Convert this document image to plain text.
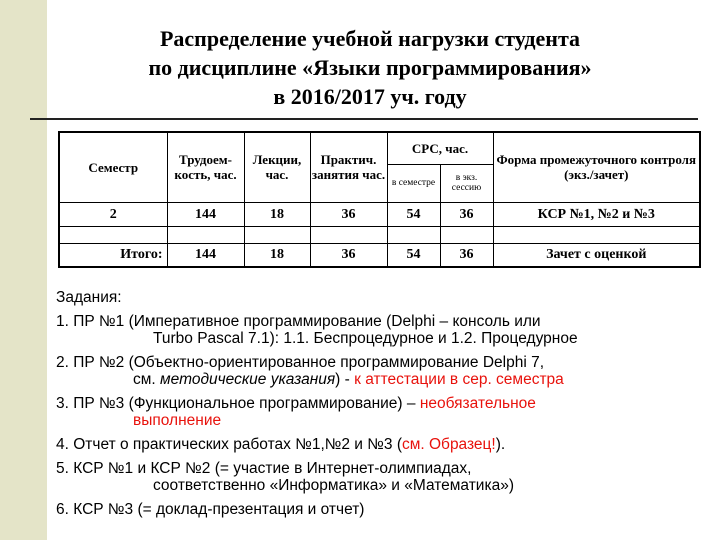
Распределение учебной нагрузки студента
по дисциплине «Языки программирования»
в 2016/2017 уч. году
Семестр	Трудоем-кость, час.	Лекции, час.	Практич. занятия час.	СРС, час.		Форма промежуточного контроля (экз./зачет)
				в семестре	в экз. сессию	
2	144	18	36	54	36	КСР №1, №2 и №3

Итого:	144	18	36	54	36	Зачет с оценкой

Задания:

1. ПР №1 (Императивное программирование (Delphi – консоль или
Turbo Pascal 7.1): 1.1. Беспроцедурное и 1.2. Процедурное

2. ПР №2 (Объектно-ориентированное программирование Delphi 7,
см. методические указания) - к аттестации в сер. семестра

3. ПР №3 (Функциональное программирование) – необязательное
выполнение

4. Отчет о практических работах №1,№2 и №3 (см. Образец!).

5. КСР №1 и КСР №2 (= участие в Интернет-олимпиадах,
соответственно «Информатика» и «Математика»)

6. КСР №3 (= доклад-презентация и отчет)
